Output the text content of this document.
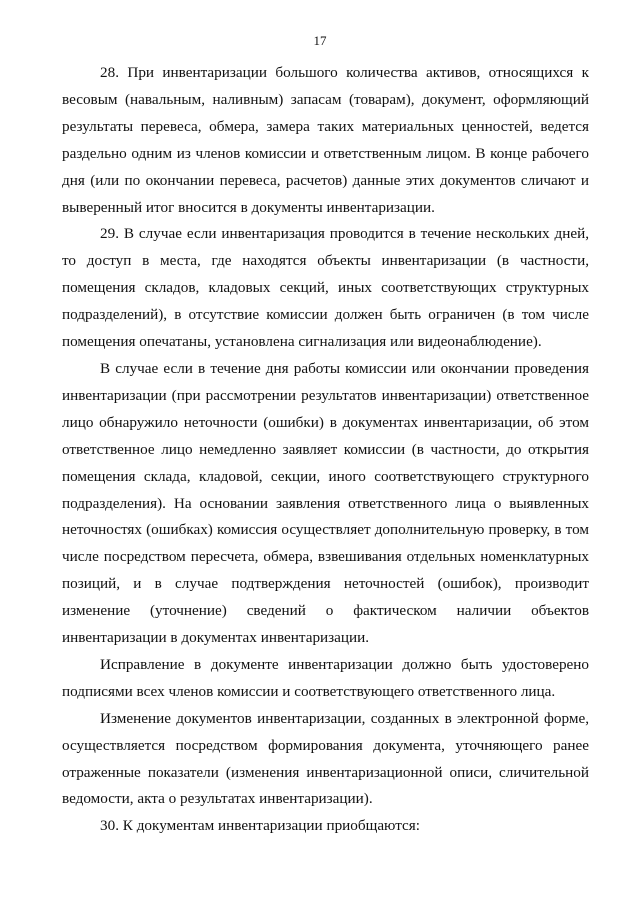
17

28. При инвентаризации большого количества активов, относящихся к весовым (навальным, наливным) запасам (товарам), документ, оформляющий результаты перевеса, обмера, замера таких материальных ценностей, ведется раздельно одним из членов комиссии и ответственным лицом. В конце рабочего дня (или по окончании перевеса, расчетов) данные этих документов сличают и выверенный итог вносится в документы инвентаризации.

29. В случае если инвентаризация проводится в течение нескольких дней, то доступ в места, где находятся объекты инвентаризации (в частности, помещения складов, кладовых секций, иных соответствующих структурных подразделений), в отсутствие комиссии должен быть ограничен (в том числе помещения опечатаны, установлена сигнализация или видеонаблюдение).

В случае если в течение дня работы комиссии или окончании проведения инвентаризации (при рассмотрении результатов инвентаризации) ответственное лицо обнаружило неточности (ошибки) в документах инвентаризации, об этом ответственное лицо немедленно заявляет комиссии (в частности, до открытия помещения склада, кладовой, секции, иного соответствующего структурного подразделения). На основании заявления ответственного лица о выявленных неточностях (ошибках) комиссия осуществляет дополнительную проверку, в том числе посредством пересчета, обмера, взвешивания отдельных номенклатурных позиций, и в случае подтверждения неточностей (ошибок), производит изменение (уточнение) сведений о фактическом наличии объектов инвентаризации в документах инвентаризации.

Исправление в документе инвентаризации должно быть удостоверено подписями всех членов комиссии и соответствующего ответственного лица.

Изменение документов инвентаризации, созданных в электронной форме, осуществляется посредством формирования документа, уточняющего ранее отраженные показатели (изменения инвентаризационной описи, сличительной ведомости, акта о результатах инвентаризации).

30. К документам инвентаризации приобщаются:
